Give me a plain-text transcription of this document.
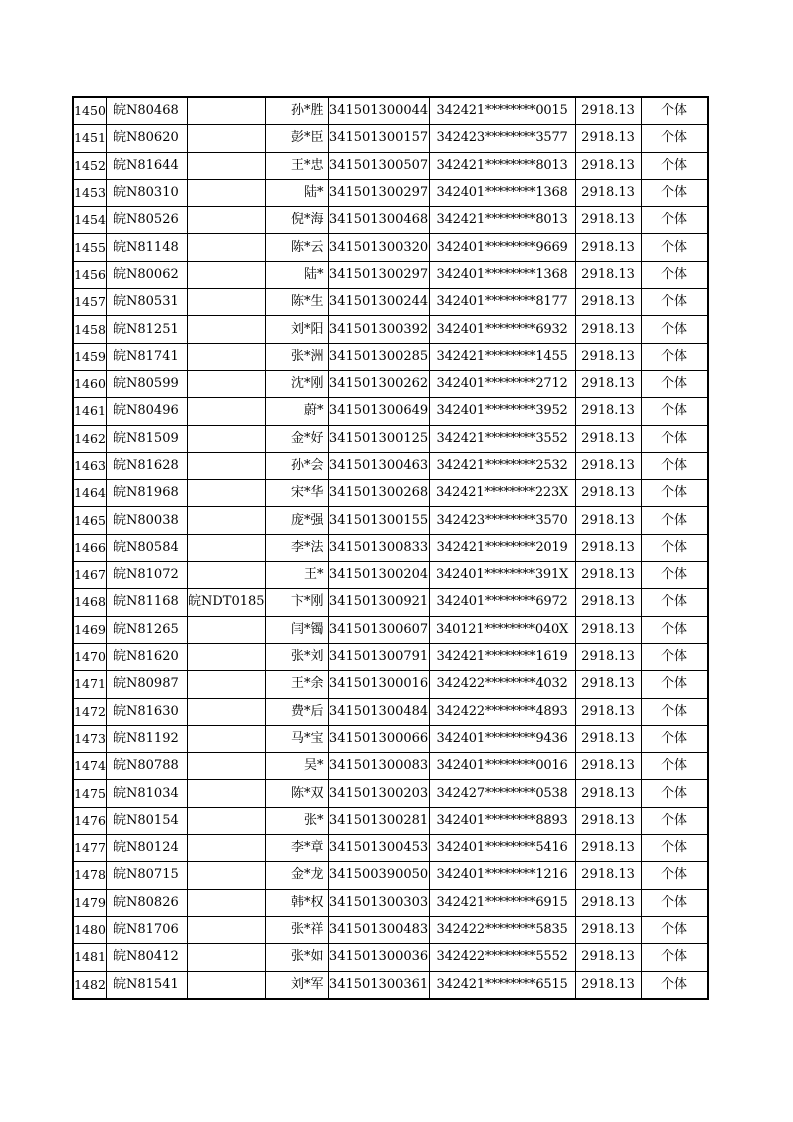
1450	皖N80468		孙*胜	341501300044	342421********0015	2918.13	个体
1451	皖N80620		彭*臣	341501300157	342423********3577	2918.13	个体
1452	皖N81644		王*忠	341501300507	342421********8013	2918.13	个体
1453	皖N80310		陆*	341501300297	342401********1368	2918.13	个体
1454	皖N80526		倪*海	341501300468	342421********8013	2918.13	个体
1455	皖N81148		陈*云	341501300320	342401********9669	2918.13	个体
1456	皖N80062		陆*	341501300297	342401********1368	2918.13	个体
1457	皖N80531		陈*生	341501300244	342401********8177	2918.13	个体
1458	皖N81251		刘*阳	341501300392	342401********6932	2918.13	个体
1459	皖N81741		张*洲	341501300285	342421********1455	2918.13	个体
1460	皖N80599		沈*刚	341501300262	342401********2712	2918.13	个体
1461	皖N80496		蔚*	341501300649	342401********3952	2918.13	个体
1462	皖N81509		金*好	341501300125	342421********3552	2918.13	个体
1463	皖N81628		孙*会	341501300463	342421********2532	2918.13	个体
1464	皖N81968		宋*华	341501300268	342421********223X	2918.13	个体
1465	皖N80038		庞*强	341501300155	342423********3570	2918.13	个体
1466	皖N80584		李*法	341501300833	342421********2019	2918.13	个体
1467	皖N81072		王*	341501300204	342401********391X	2918.13	个体
1468	皖N81168	皖NDT0185	卞*刚	341501300921	342401********6972	2918.13	个体
1469	皖N81265		闫*镯	341501300607	340121********040X	2918.13	个体
1470	皖N81620		张*刘	341501300791	342421********1619	2918.13	个体
1471	皖N80987		王*余	341501300016	342422********4032	2918.13	个体
1472	皖N81630		费*后	341501300484	342422********4893	2918.13	个体
1473	皖N81192		马*宝	341501300066	342401********9436	2918.13	个体
1474	皖N80788		吴*	341501300083	342401********0016	2918.13	个体
1475	皖N81034		陈*双	341501300203	342427********0538	2918.13	个体
1476	皖N80154		张*	341501300281	342401********8893	2918.13	个体
1477	皖N80124		李*章	341501300453	342401********5416	2918.13	个体
1478	皖N80715		金*龙	341500390050	342401********1216	2918.13	个体
1479	皖N80826		韩*权	341501300303	342421********6915	2918.13	个体
1480	皖N81706		张*祥	341501300483	342422********5835	2918.13	个体
1481	皖N80412		张*如	341501300036	342422********5552	2918.13	个体
1482	皖N81541		刘*军	341501300361	342421********6515	2918.13	个体
